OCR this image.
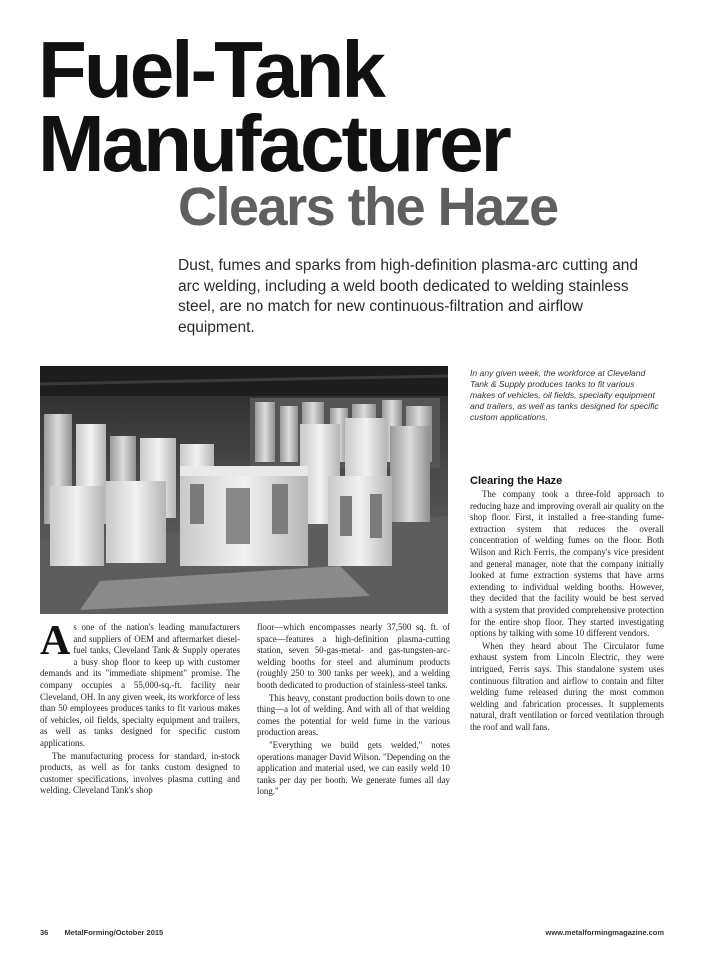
Fuel-Tank
Manufacturer
Clears the Haze

Dust, fumes and sparks from high-definition plasma-arc cutting and arc welding, including a weld booth dedicated to welding stainless steel, are no match for new continuous-filtration and airflow equipment.

In any given week, the workforce at Cleveland Tank & Supply produces tanks to fit various makes of vehicles, oil fields, specialty equipment and trailers, as well as tanks designed for specific custom applications.

As one of the nation's leading manufacturers and suppliers of OEM and aftermarket diesel-fuel tanks, Cleveland Tank & Supply operates a busy shop floor to keep up with customer demands and its "immediate shipment" promise. The company occupies a 55,000-sq.-ft. facility near Cleveland, OH. In any given week, its workforce of less than 50 employees produces tanks to fit various makes of vehicles, oil fields, specialty equipment and trailers, as well as tanks designed for specific custom applications.

The manufacturing process for standard, in-stock products, as well as for tanks custom designed to customer specifications, involves plasma cutting and welding. Cleveland Tank's shop

floor—which encompasses nearly 37,500 sq. ft. of space—features a high-definition plasma-cutting station, seven 50-gas-metal- and gas-tungsten-arc-welding booths for steel and aluminum products (roughly 250 to 300 tanks per week), and a welding booth dedicated to production of stainless-steel tanks.

This heavy, constant production boils down to one thing—a lot of welding. And with all of that welding comes the potential for weld fume in the various production areas.

"Everything we build gets welded," notes operations manager David Wilson. "Depending on the application and material used, we can easily weld 10 tanks per day per booth. We generate fumes all day long."

Clearing the Haze

The company took a three-fold approach to reducing haze and improving overall air quality on the shop floor. First, it installed a free-standing fume-extraction system that reduces the overall concentration of welding fumes on the floor. Both Wilson and Rich Ferris, the company's vice president and general manager, note that the company initially looked at fume extraction systems that have arms extending to individual welding booths. However, they decided that the facility would be best served with a system that provided comprehensive protection for the entire shop floor. They started investigating options by talking with some 10 different vendors.

When they heard about The Circulator fume exhaust system from Lincoln Electric, they were intrigued, Ferris says. This standalone system uses continuous filtration and airflow to contain and filter welding fume released during the most common welding and fabrication processes. It supplements natural, draft ventilation or forced ventilation through the roof and wall fans.

36 MetalForming/October 2015	www.metalformingmagazine.com
